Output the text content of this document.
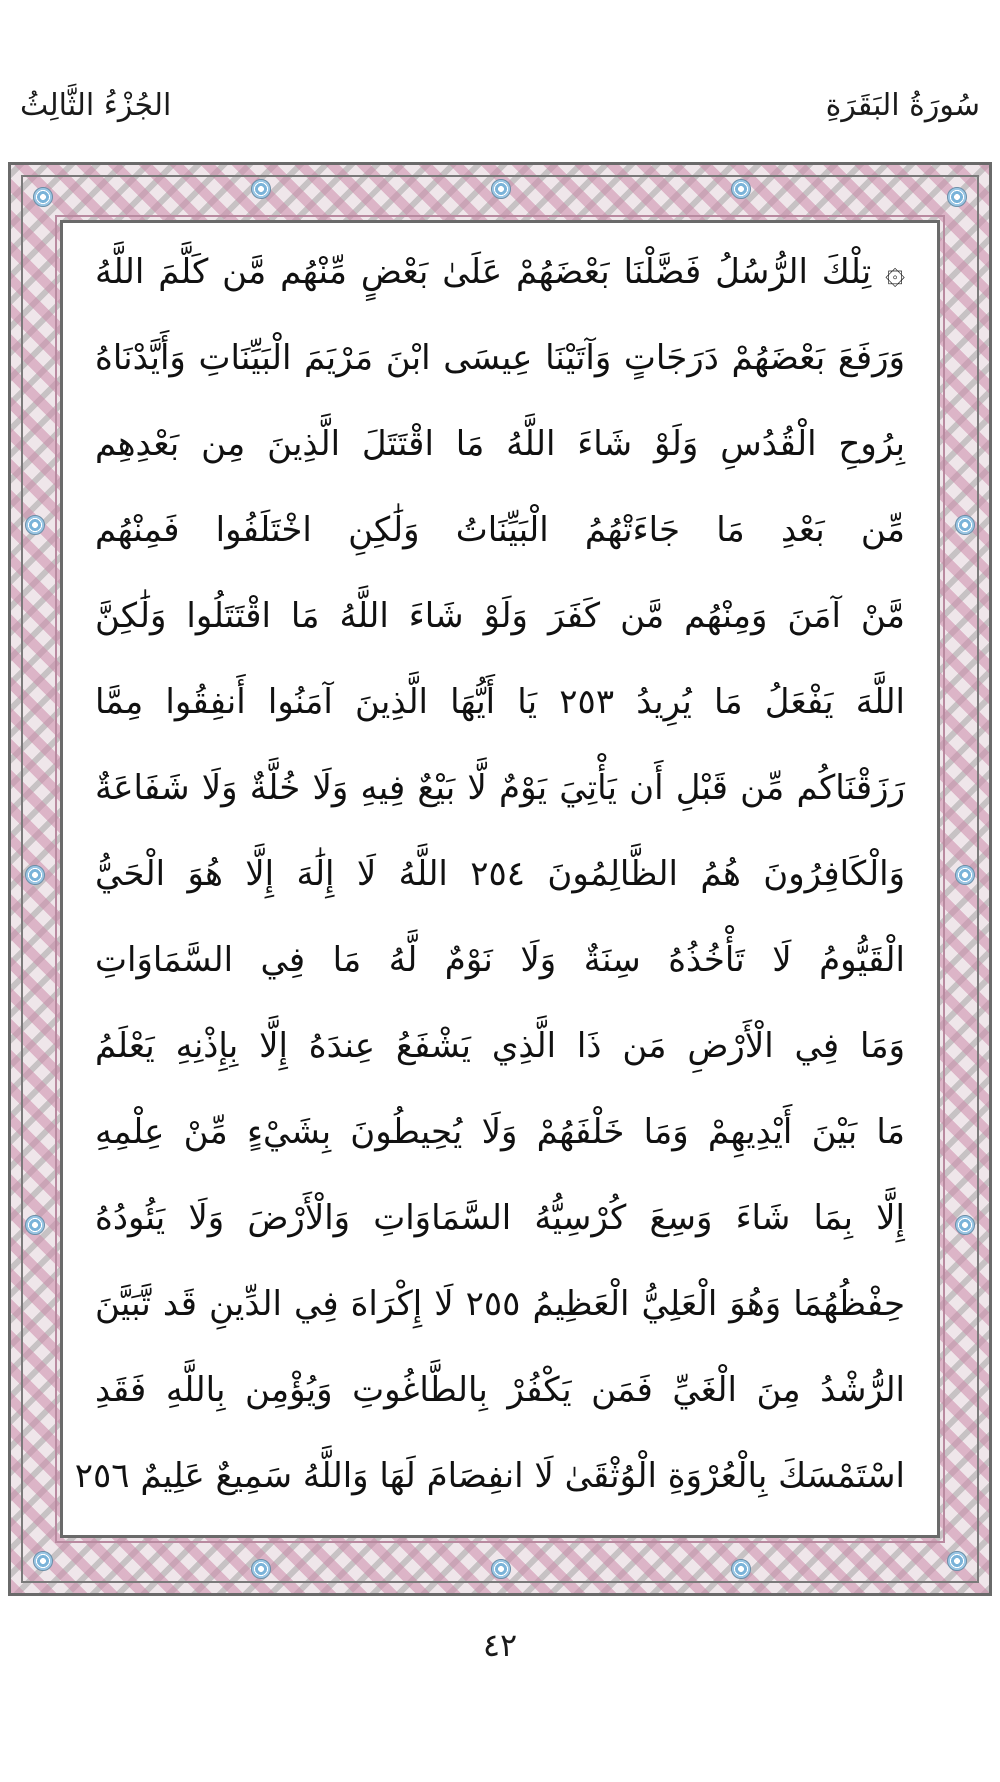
سُورَةُ البَقَرَةِ
الجُزْءُ الثَّالِثُ
۞ تِلْكَ الرُّسُلُ فَضَّلْنَا بَعْضَهُمْ عَلَىٰ بَعْضٍ مِّنْهُم مَّن كَلَّمَ اللَّهُ
وَرَفَعَ بَعْضَهُمْ دَرَجَاتٍ وَآتَيْنَا عِيسَى ابْنَ مَرْيَمَ الْبَيِّنَاتِ وَأَيَّدْنَاهُ
بِرُوحِ الْقُدُسِ وَلَوْ شَاءَ اللَّهُ مَا اقْتَتَلَ الَّذِينَ مِن بَعْدِهِم
مِّن بَعْدِ مَا جَاءَتْهُمُ الْبَيِّنَاتُ وَلَٰكِنِ اخْتَلَفُوا فَمِنْهُم
مَّنْ آمَنَ وَمِنْهُم مَّن كَفَرَ وَلَوْ شَاءَ اللَّهُ مَا اقْتَتَلُوا وَلَٰكِنَّ
اللَّهَ يَفْعَلُ مَا يُرِيدُ ٢٥٣ يَا أَيُّهَا الَّذِينَ آمَنُوا أَنفِقُوا مِمَّا
رَزَقْنَاكُم مِّن قَبْلِ أَن يَأْتِيَ يَوْمٌ لَّا بَيْعٌ فِيهِ وَلَا خُلَّةٌ وَلَا شَفَاعَةٌ
وَالْكَافِرُونَ هُمُ الظَّالِمُونَ ٢٥٤ اللَّهُ لَا إِلَٰهَ إِلَّا هُوَ الْحَيُّ
الْقَيُّومُ لَا تَأْخُذُهُ سِنَةٌ وَلَا نَوْمٌ لَّهُ مَا فِي السَّمَاوَاتِ
وَمَا فِي الْأَرْضِ مَن ذَا الَّذِي يَشْفَعُ عِندَهُ إِلَّا بِإِذْنِهِ يَعْلَمُ
مَا بَيْنَ أَيْدِيهِمْ وَمَا خَلْفَهُمْ وَلَا يُحِيطُونَ بِشَيْءٍ مِّنْ عِلْمِهِ
إِلَّا بِمَا شَاءَ وَسِعَ كُرْسِيُّهُ السَّمَاوَاتِ وَالْأَرْضَ وَلَا يَئُودُهُ
حِفْظُهُمَا وَهُوَ الْعَلِيُّ الْعَظِيمُ ٢٥٥ لَا إِكْرَاهَ فِي الدِّينِ قَد تَّبَيَّنَ
الرُّشْدُ مِنَ الْغَيِّ فَمَن يَكْفُرْ بِالطَّاغُوتِ وَيُؤْمِن بِاللَّهِ فَقَدِ
اسْتَمْسَكَ بِالْعُرْوَةِ الْوُثْقَىٰ لَا انفِصَامَ لَهَا وَاللَّهُ سَمِيعٌ عَلِيمٌ ٢٥٦
٤٢
